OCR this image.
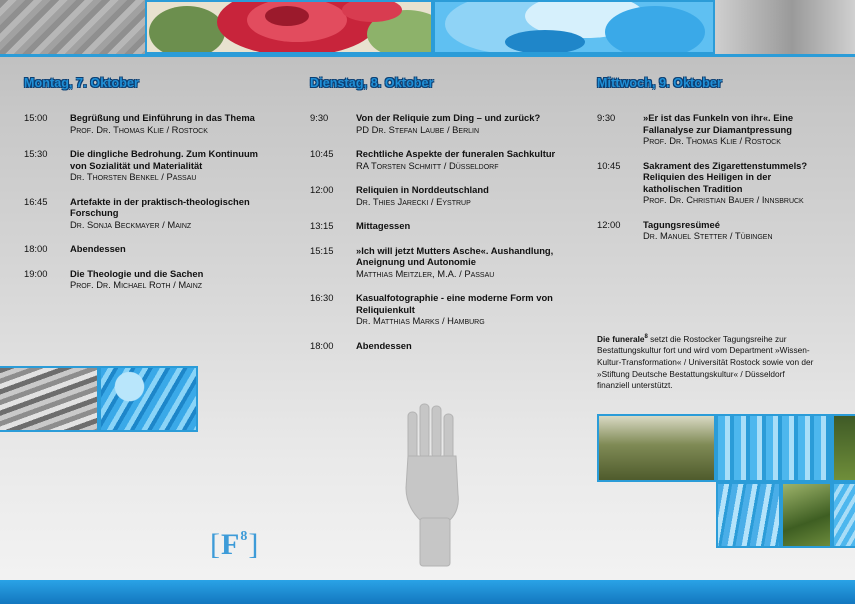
Montag, 7. Oktober
15:00	Begrüßung und Einführung in das Thema
Prof. Dr. Thomas Klie / Rostock
15:30	Die dingliche Bedrohung. Zum Kontinuum von Sozialität und Materialität
Dr. Thorsten Benkel / Passau
16:45	Artefakte in der praktisch-theologischen Forschung
Dr. Sonja Beckmayer / Mainz
18:00	Abendessen
19:00	Die Theologie und die Sachen
Prof. Dr. Michael Roth / Mainz
Dienstag, 8. Oktober
9:30	Von der Reliquie zum Ding – und zurück?
PD Dr. Stefan Laube / Berlin
10:45	Rechtliche Aspekte der funeralen Sachkultur
RA Torsten Schmitt / Düsseldorf
12:00	Reliquien in Norddeutschland
Dr. Thies Jarecki / Eystrup
13:15	Mittagessen
15:15	»Ich will jetzt Mutters Asche«. Aushandlung, Aneignung und Autonomie
Matthias Meitzler, M.A. / Passau
16:30	Kasualfotographie - eine moderne Form von Reliquienkult
Dr. Matthias Marks / Hamburg
18:00	Abendessen
Mittwoch, 9. Oktober
9:30	»Er ist das Funkeln von ihr«. Eine Fallanalyse zur Diamantpressung
Prof. Dr. Thomas Klie / Rostock
10:45	Sakrament des Zigarettenstummels? Reliquien des Heiligen in der katholischen Tradition
Prof. Dr. Christian Bauer / Innsbruck
12:00	Tagungsresümeé
Dr. Manuel Stetter / Tübingen

Die funerale$^8$ setzt die Rostocker Tagungsreihe zur Bestattungskultur fort und wird vom Department »Wissen-Kultur-Transformation« / Universität Rostock sowie von der »Stiftung Deutsche Bestattungskultur« / Düsseldorf finanziell unterstützt.

$[F^8]$
